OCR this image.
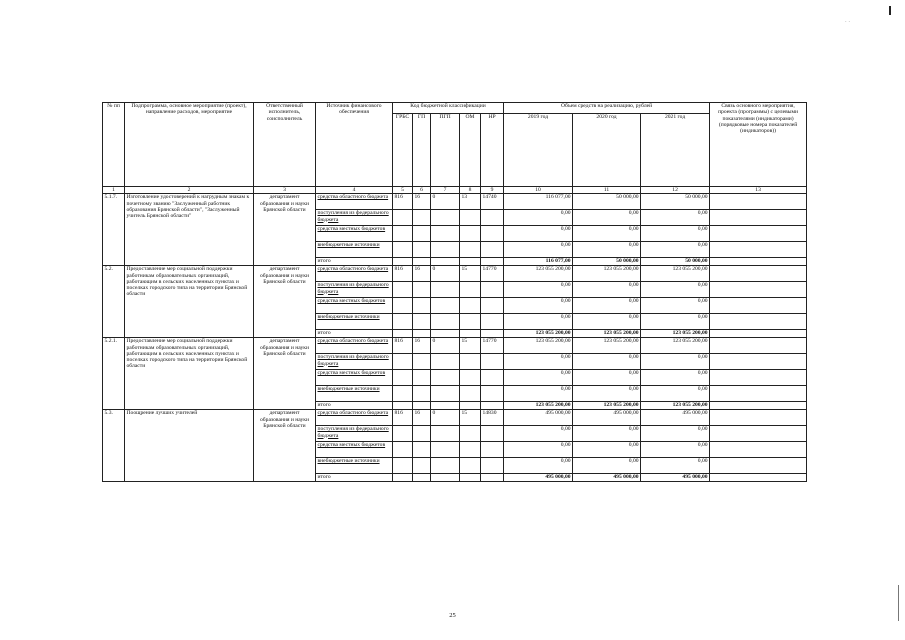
. .
№ пп	Подпрограмма, основное мероприятие (проект), направление расходов, мероприятие	Ответственный исполнитель, соисполнитель	Источник финансового обеспечения	Код бюджетной классификации					Объем средств на реализацию, рублей			Связь основного мероприятия, проекта (программы) с целевыми показателями (индикаторами) (порядковые номера показателей (индикаторов))
				ГРБС	ГП	ПГП	ОМ	НР	2019 год	2020 год	2021 год	
1	2	3	4	5	6	7	8	9	10	11	12	13
5.1.7.	Изготовление удостоверений к нагрудным знакам к почетному званию "Заслуженный работник образования Брянской области", "Заслуженный учитель Брянской области"	департамент образования и науки Брянской области	средства областного бюджета	816	16	0	13	14740	116 077,00	50 000,00	50 000,00	
			поступления из федерального бюджета						0,00	0,00	0,00	
			средства местных бюджетов						0,00	0,00	0,00	
			внебюджетные источники						0,00	0,00	0,00	
			итого						116 077,00	50 000,00	50 000,00	
5.2.	Предоставление мер социальной поддержки работникам образовательных организаций, работающим в сельских населенных пунктах и поселках городского типа на территории Брянской области	департамент образования и науки Брянской области	средства областного бюджета	816	16	0	15	14770	123 055 200,00	123 055 200,00	123 055 200,00	
			поступления из федерального бюджета						0,00	0,00	0,00	
			средства местных бюджетов						0,00	0,00	0,00	
			внебюджетные источники						0,00	0,00	0,00	
			итого						123 055 200,00	123 055 200,00	123 055 200,00	
5.2.1.	Предоставление мер социальной поддержки работникам образовательных организаций, работающим в сельских населенных пунктах и поселках городского типа на территории Брянской области	департамент образования и науки Брянской области	средства областного бюджета	816	16	0	15	14770	123 055 200,00	123 055 200,00	123 055 200,00	
			поступления из федерального бюджета						0,00	0,00	0,00	
			средства местных бюджетов						0,00	0,00	0,00	
			внебюджетные источники						0,00	0,00	0,00	
			итого						123 055 200,00	123 055 200,00	123 055 200,00	
5.3.	Поощрение лучших учителей	департамент образования и науки Брянской области	средства областного бюджета	816	16	0	15	14830	495 000,00	495 000,00	495 000,00	
			поступления из федерального бюджета						0,00	0,00	0,00	
			средства местных бюджетов						0,00	0,00	0,00	
			внебюджетные источники						0,00	0,00	0,00	
			итого						495 000,00	495 000,00	495 000,00	
25
